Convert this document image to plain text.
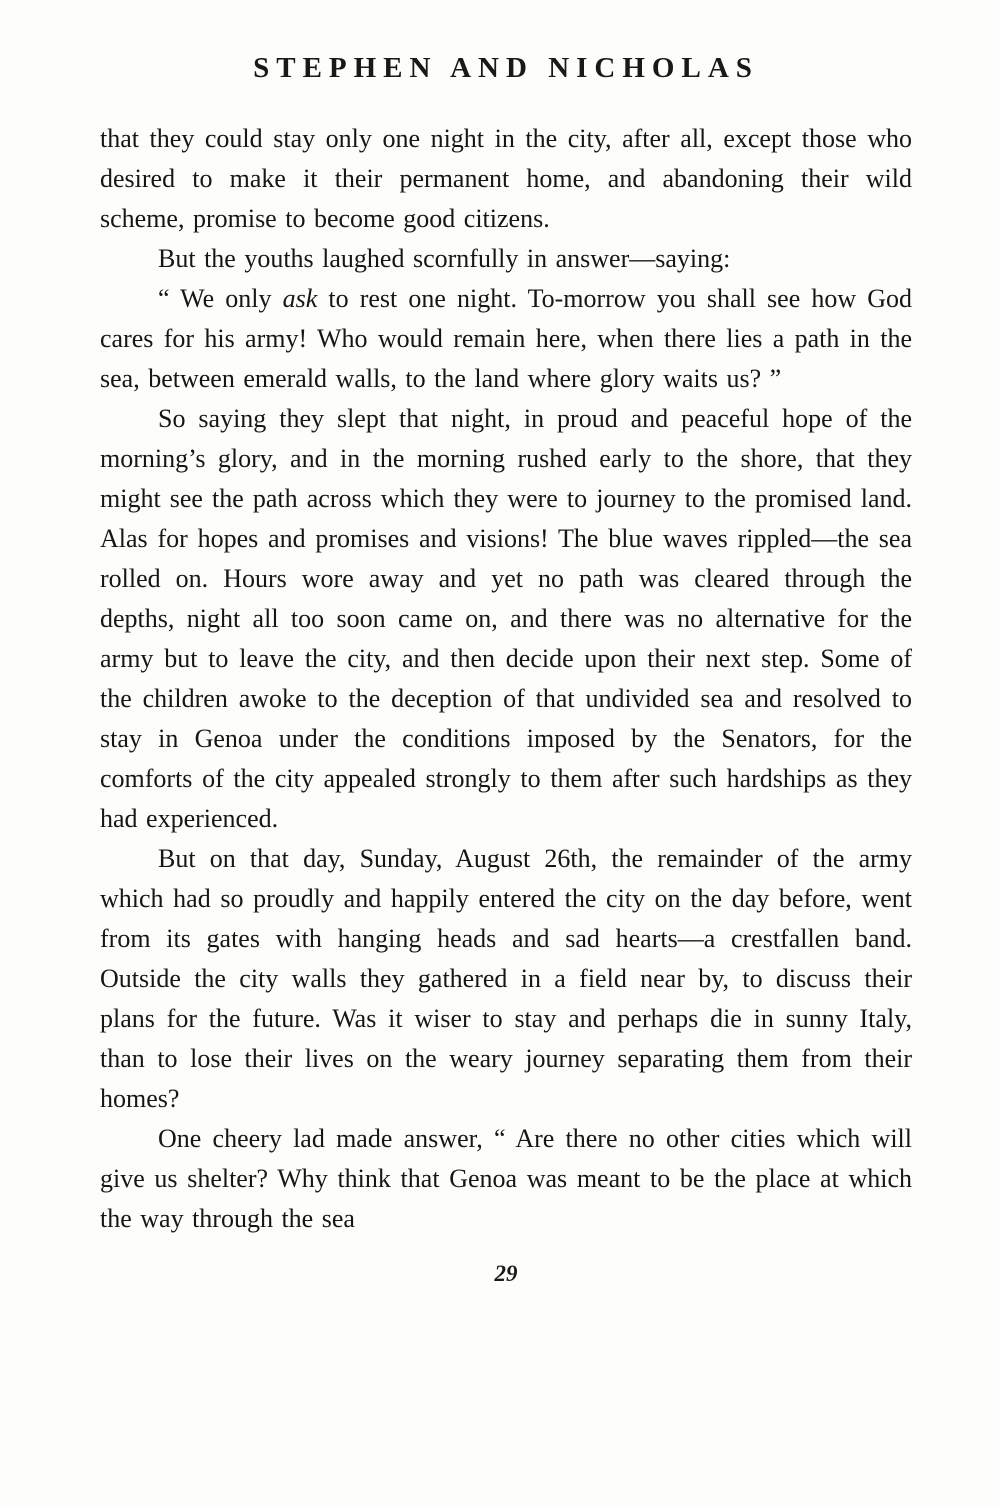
STEPHEN AND NICHOLAS

that they could stay only one night in the city, after all, except those who desired to make it their permanent home, and abandoning their wild scheme, promise to become good citizens.

But the youths laughed scornfully in answer—saying:

“ We only ask to rest one night. To-morrow you shall see how God cares for his army! Who would remain here, when there lies a path in the sea, between emerald walls, to the land where glory waits us? ”

So saying they slept that night, in proud and peaceful hope of the morning’s glory, and in the morning rushed early to the shore, that they might see the path across which they were to journey to the promised land. Alas for hopes and promises and visions! The blue waves rippled—the sea rolled on. Hours wore away and yet no path was cleared through the depths, night all too soon came on, and there was no alternative for the army but to leave the city, and then decide upon their next step. Some of the children awoke to the deception of that undivided sea and resolved to stay in Genoa under the conditions imposed by the Senators, for the comforts of the city appealed strongly to them after such hardships as they had experienced.

But on that day, Sunday, August 26th, the remainder of the army which had so proudly and happily entered the city on the day before, went from its gates with hanging heads and sad hearts—a crestfallen band. Outside the city walls they gathered in a field near by, to discuss their plans for the future. Was it wiser to stay and perhaps die in sunny Italy, than to lose their lives on the weary journey separating them from their homes?

One cheery lad made answer, “ Are there no other cities which will give us shelter? Why think that Genoa was meant to be the place at which the way through the sea

29
